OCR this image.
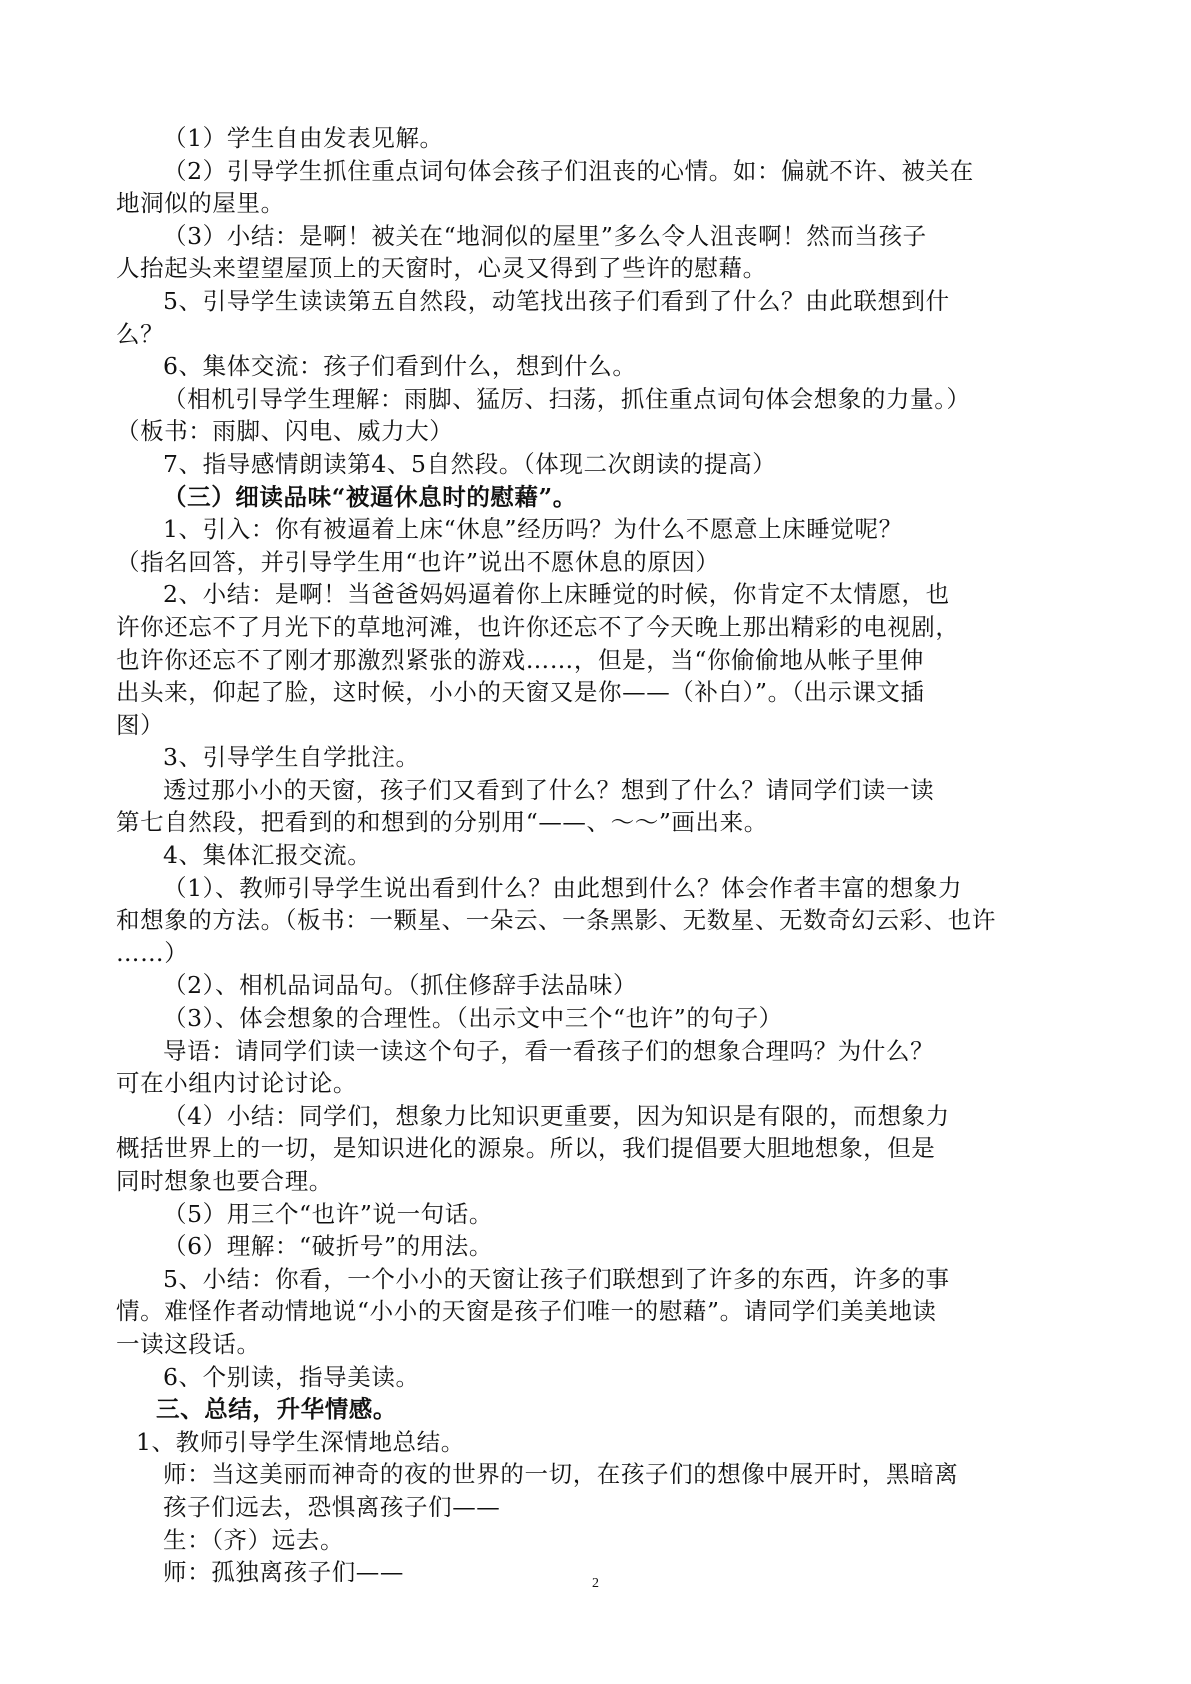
（1）学生自由发表见解。
（2）引导学生抓住重点词句体会孩子们沮丧的心情。如：偏就不许、被关在
地洞似的屋里。
（3）小结：是啊！被关在“地洞似的屋里”多么令人沮丧啊！然而当孩子
人抬起头来望望屋顶上的天窗时，心灵又得到了些许的慰藉。
5、引导学生读读第五自然段，动笔找出孩子们看到了什么？由此联想到什
么？
6、集体交流：孩子们看到什么，想到什么。
（相机引导学生理解：雨脚、猛厉、扫荡，抓住重点词句体会想象的力量。）
（板书：雨脚、闪电、威力大）
7、指导感情朗读第4、5自然段。（体现二次朗读的提高）
（三）细读品味“被逼休息时的慰藉”。
1、引入：你有被逼着上床“休息”经历吗？为什么不愿意上床睡觉呢？
（指名回答，并引导学生用“也许”说出不愿休息的原因）
2、小结：是啊！当爸爸妈妈逼着你上床睡觉的时候，你肯定不太情愿，也
许你还忘不了月光下的草地河滩，也许你还忘不了今天晚上那出精彩的电视剧，
也许你还忘不了刚才那激烈紧张的游戏……，但是，当“你偷偷地从帐子里伸
出头来，仰起了脸，这时候，小小的天窗又是你——（补白）”。（出示课文插
图）
3、引导学生自学批注。
透过那小小的天窗，孩子们又看到了什么？想到了什么？请同学们读一读
第七自然段，把看到的和想到的分别用“——、～～”画出来。
4、集体汇报交流。
（1）、教师引导学生说出看到什么？由此想到什么？体会作者丰富的想象力
和想象的方法。（板书：一颗星、一朵云、一条黑影、无数星、无数奇幻云彩、也许
……）
（2）、相机品词品句。（抓住修辞手法品味）
（3）、体会想象的合理性。（出示文中三个“也许”的句子）
导语：请同学们读一读这个句子，看一看孩子们的想象合理吗？为什么？
可在小组内讨论讨论。
（4）小结：同学们，想象力比知识更重要，因为知识是有限的，而想象力
概括世界上的一切，是知识进化的源泉。所以，我们提倡要大胆地想象，但是
同时想象也要合理。
（5）用三个“也许”说一句话。
（6）理解：“破折号”的用法。
5、小结：你看，一个小小的天窗让孩子们联想到了许多的东西，许多的事
情。难怪作者动情地说“小小的天窗是孩子们唯一的慰藉”。请同学们美美地读
一读这段话。
6、个别读，指导美读。
三、总结，升华情感。
1、教师引导学生深情地总结。
师：当这美丽而神奇的夜的世界的一切，在孩子们的想像中展开时，黑暗离
孩子们远去，恐惧离孩子们——
生：（齐）远去。
师：孤独离孩子们——	2
